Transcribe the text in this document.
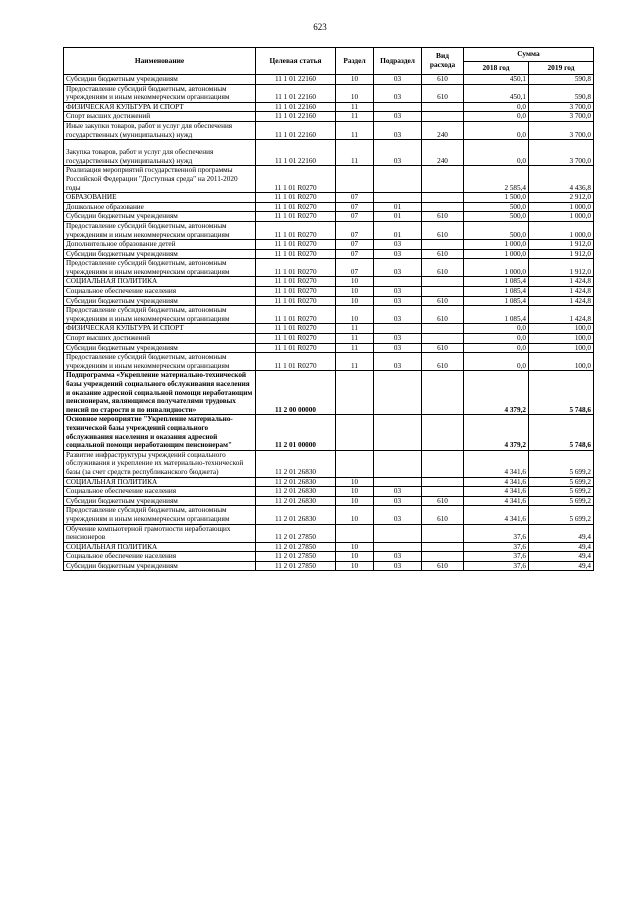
623
Наименование	Целевая статья	Раздел	Подраздел	Вид расхода	Сумма	
					2018 год	2019 год
Субсидии бюджетным учреждениям	11 1 01 22160	10	03	610	450,1	590,8
Предоставление субсидий бюджетным, автономным учреждениям и иным некоммерческим организациям	11 1 01 22160	10	03	610	450,1	590,8
ФИЗИЧЕСКАЯ КУЛЬТУРА И СПОРТ	11 1 01 22160	11			0,0	3 700,0
Спорт высших достижений	11 1 01 22160	11	03		0,0	3 700,0
Иные закупки товаров, работ и услуг для обеспечения государственных (муниципальных) нужд	11 1 01 22160	11	03	240	0,0	3 700,0
Закупка товаров, работ и услуг для обеспечения государственных (муниципальных) нужд	11 1 01 22160	11	03	240	0,0	3 700,0
Реализация мероприятий государственной программы Российской Федерации "Доступная среда" на 2011-2020 годы	11 1 01 R0270				2 585,4	4 436,8
ОБРАЗОВАНИЕ	11 1 01 R0270	07			1 500,0	2 912,0
Дошкольное образование	11 1 01 R0270	07	01		500,0	1 000,0
Субсидии бюджетным учреждениям	11 1 01 R0270	07	01	610	500,0	1 000,0
Предоставление субсидий бюджетным, автономным учреждениям и иным некоммерческим организациям	11 1 01 R0270	07	01	610	500,0	1 000,0
Дополнительное образование детей	11 1 01 R0270	07	03		1 000,0	1 912,0
Субсидии бюджетным учреждениям	11 1 01 R0270	07	03	610	1 000,0	1 912,0
Предоставление субсидий бюджетным, автономным учреждениям и иным некоммерческим организациям	11 1 01 R0270	07	03	610	1 000,0	1 912,0
СОЦИАЛЬНАЯ ПОЛИТИКА	11 1 01 R0270	10			1 085,4	1 424,8
Социальное обеспечение населения	11 1 01 R0270	10	03		1 085,4	1 424,8
Субсидии бюджетным учреждениям	11 1 01 R0270	10	03	610	1 085,4	1 424,8
Предоставление субсидий бюджетным, автономным учреждениям и иным некоммерческим организациям	11 1 01 R0270	10	03	610	1 085,4	1 424,8
ФИЗИЧЕСКАЯ КУЛЬТУРА И СПОРТ	11 1 01 R0270	11			0,0	100,0
Спорт высших достижений	11 1 01 R0270	11	03		0,0	100,0
Субсидии бюджетным учреждениям	11 1 01 R0270	11	03	610	0,0	100,0
Предоставление субсидий бюджетным, автономным учреждениям и иным некоммерческим организациям	11 1 01 R0270	11	03	610	0,0	100,0
Подпрограмма «Укрепление материально-технической базы учреждений социального обслуживания населения и оказание адресной социальной помощи неработающим пенсионерам, являющимся получателями трудовых пенсий по старости и по инвалидности»	11 2 00 00000				4 379,2	5 748,6
Основное мероприятие "Укрепление материально-технической базы учреждений социального обслуживания населения и оказания адресной социальной помощи неработающим пенсионерам"	11 2 01 00000				4 379,2	5 748,6
Развитие инфраструктуры учреждений социального обслуживания и укрепление их материально-технической базы (за счет средств республиканского бюджета)	11 2 01 26830				4 341,6	5 699,2
СОЦИАЛЬНАЯ ПОЛИТИКА	11 2 01 26830	10			4 341,6	5 699,2
Социальное обеспечение населения	11 2 01 26830	10	03		4 341,6	5 699,2
Субсидии бюджетным учреждениям	11 2 01 26830	10	03	610	4 341,6	5 699,2
Предоставление субсидий бюджетным, автономным учреждениям и иным некоммерческим организациям	11 2 01 26830	10	03	610	4 341,6	5 699,2
Обучение компьютерной грамотности неработающих пенсионеров	11 2 01 27850				37,6	49,4
СОЦИАЛЬНАЯ ПОЛИТИКА	11 2 01 27850	10			37,6	49,4
Социальное обеспечение населения	11 2 01 27850	10	03		37,6	49,4
Субсидии бюджетным учреждениям	11 2 01 27850	10	03	610	37,6	49,4
